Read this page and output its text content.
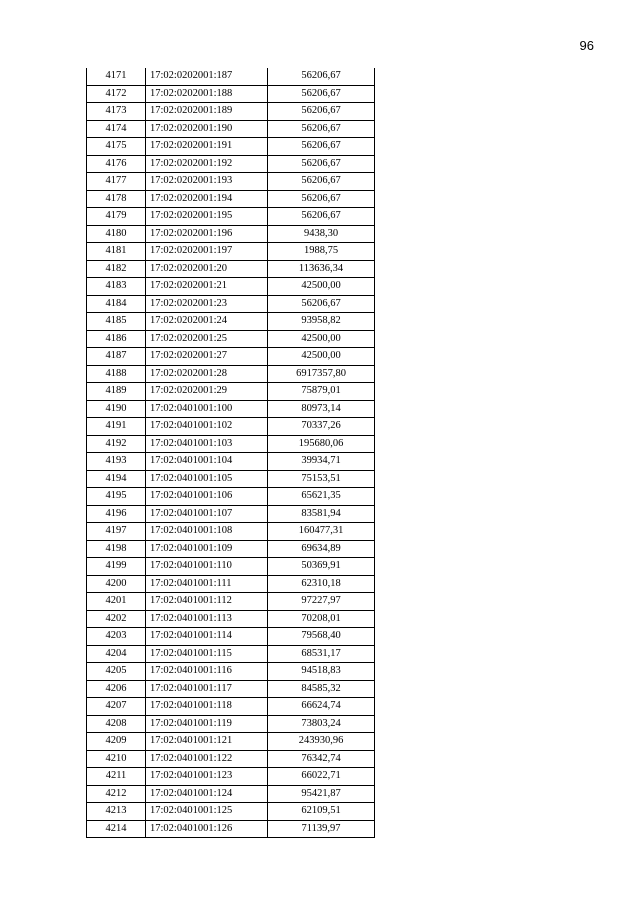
96
4171	17:02:0202001:187	56206,67
4172	17:02:0202001:188	56206,67
4173	17:02:0202001:189	56206,67
4174	17:02:0202001:190	56206,67
4175	17:02:0202001:191	56206,67
4176	17:02:0202001:192	56206,67
4177	17:02:0202001:193	56206,67
4178	17:02:0202001:194	56206,67
4179	17:02:0202001:195	56206,67
4180	17:02:0202001:196	9438,30
4181	17:02:0202001:197	1988,75
4182	17:02:0202001:20	113636,34
4183	17:02:0202001:21	42500,00
4184	17:02:0202001:23	56206,67
4185	17:02:0202001:24	93958,82
4186	17:02:0202001:25	42500,00
4187	17:02:0202001:27	42500,00
4188	17:02:0202001:28	6917357,80
4189	17:02:0202001:29	75879,01
4190	17:02:0401001:100	80973,14
4191	17:02:0401001:102	70337,26
4192	17:02:0401001:103	195680,06
4193	17:02:0401001:104	39934,71
4194	17:02:0401001:105	75153,51
4195	17:02:0401001:106	65621,35
4196	17:02:0401001:107	83581,94
4197	17:02:0401001:108	160477,31
4198	17:02:0401001:109	69634,89
4199	17:02:0401001:110	50369,91
4200	17:02:0401001:111	62310,18
4201	17:02:0401001:112	97227,97
4202	17:02:0401001:113	70208,01
4203	17:02:0401001:114	79568,40
4204	17:02:0401001:115	68531,17
4205	17:02:0401001:116	94518,83
4206	17:02:0401001:117	84585,32
4207	17:02:0401001:118	66624,74
4208	17:02:0401001:119	73803,24
4209	17:02:0401001:121	243930,96
4210	17:02:0401001:122	76342,74
4211	17:02:0401001:123	66022,71
4212	17:02:0401001:124	95421,87
4213	17:02:0401001:125	62109,51
4214	17:02:0401001:126	71139,97
